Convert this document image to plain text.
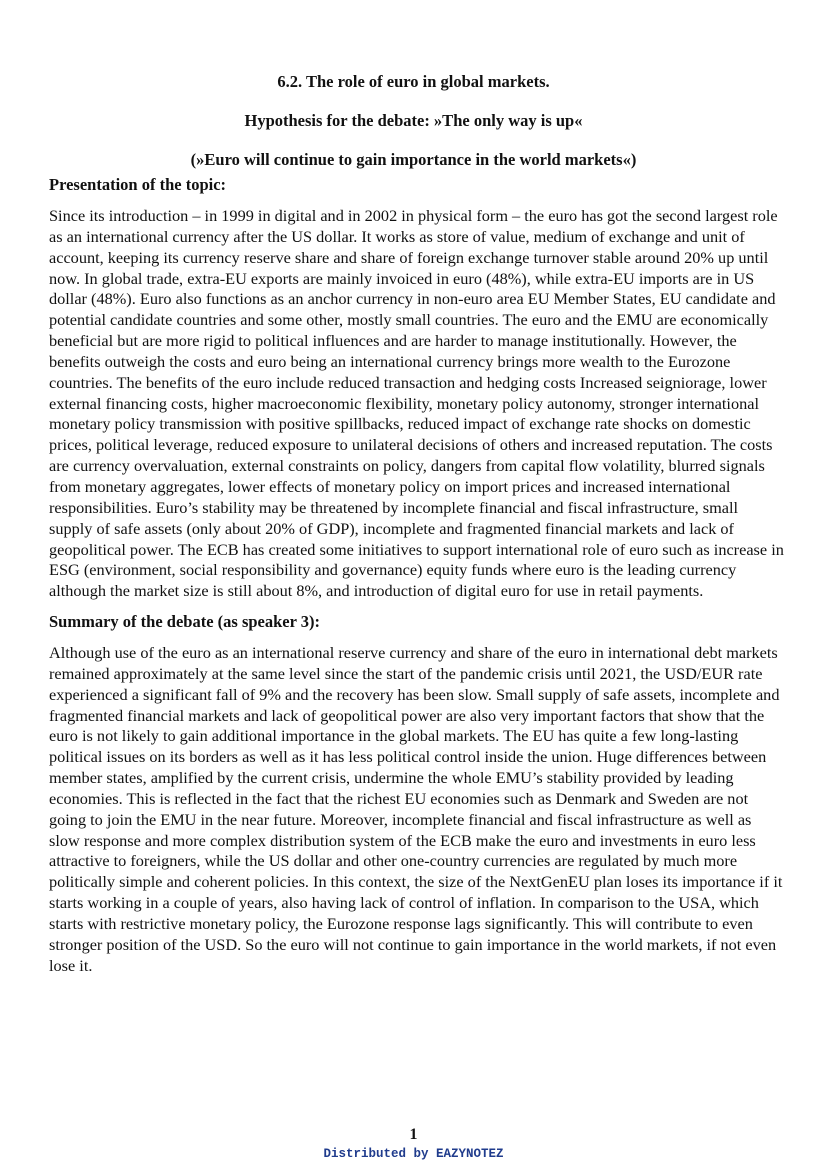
6.2. The role of euro in global markets.
Hypothesis for the debate: »The only way is up«
(»Euro will continue to gain importance in the world markets«)
Presentation of the topic:

Since its introduction – in 1999 in digital and in 2002 in physical form – the euro has got the second largest role as an international currency after the US dollar. It works as store of value, medium of exchange and unit of account, keeping its currency reserve share and share of foreign exchange turnover stable around 20% up until now. In global trade, extra-EU exports are mainly invoiced in euro (48%), while extra-EU imports are in US dollar (48%). Euro also functions as an anchor currency in non-euro area EU Member States, EU candidate and potential candidate countries and some other, mostly small countries. The euro and the EMU are economically beneficial but are more rigid to political influences and are harder to manage institutionally. However, the benefits outweigh the costs and euro being an international currency brings more wealth to the Eurozone countries. The benefits of the euro include reduced transaction and hedging costs Increased seigniorage, lower external financing costs, higher macroeconomic flexibility, monetary policy autonomy, stronger international monetary policy transmission with positive spillbacks, reduced impact of exchange rate shocks on domestic prices, political leverage, reduced exposure to unilateral decisions of others and increased reputation. The costs are currency overvaluation, external constraints on policy, dangers from capital flow volatility, blurred signals from monetary aggregates, lower effects of monetary policy on import prices and increased international responsibilities. Euro’s stability may be threatened by incomplete financial and fiscal infrastructure, small supply of safe assets (only about 20% of GDP), incomplete and fragmented financial markets and lack of geopolitical power. The ECB has created some initiatives to support international role of euro such as increase in ESG (environment, social responsibility and governance) equity funds where euro is the leading currency although the market size is still about 8%, and introduction of digital euro for use in retail payments.

Summary of the debate (as speaker 3):

Although use of the euro as an international reserve currency and share of the euro in international debt markets remained approximately at the same level since the start of the pandemic crisis until 2021, the USD/EUR rate experienced a significant fall of 9% and the recovery has been slow. Small supply of safe assets, incomplete and fragmented financial markets and lack of geopolitical power are also very important factors that show that the euro is not likely to gain additional importance in the global markets. The EU has quite a few long-lasting political issues on its borders as well as it has less political control inside the union. Huge differences between member states, amplified by the current crisis, undermine the whole EMU’s stability provided by leading economies. This is reflected in the fact that the richest EU economies such as Denmark and Sweden are not going to join the EMU in the near future. Moreover, incomplete financial and fiscal infrastructure as well as slow response and more complex distribution system of the ECB make the euro and investments in euro less attractive to foreigners, while the US dollar and other one-country currencies are regulated by much more politically simple and coherent policies. In this context, the size of the NextGenEU plan loses its importance if it starts working in a couple of years, also having lack of control of inflation. In comparison to the USA, which starts with restrictive monetary policy, the Eurozone response lags significantly. This will contribute to even stronger position of the USD. So the euro will not continue to gain importance in the world markets, if not even lose it.

1
Distributed by EAZYNOTEZ
